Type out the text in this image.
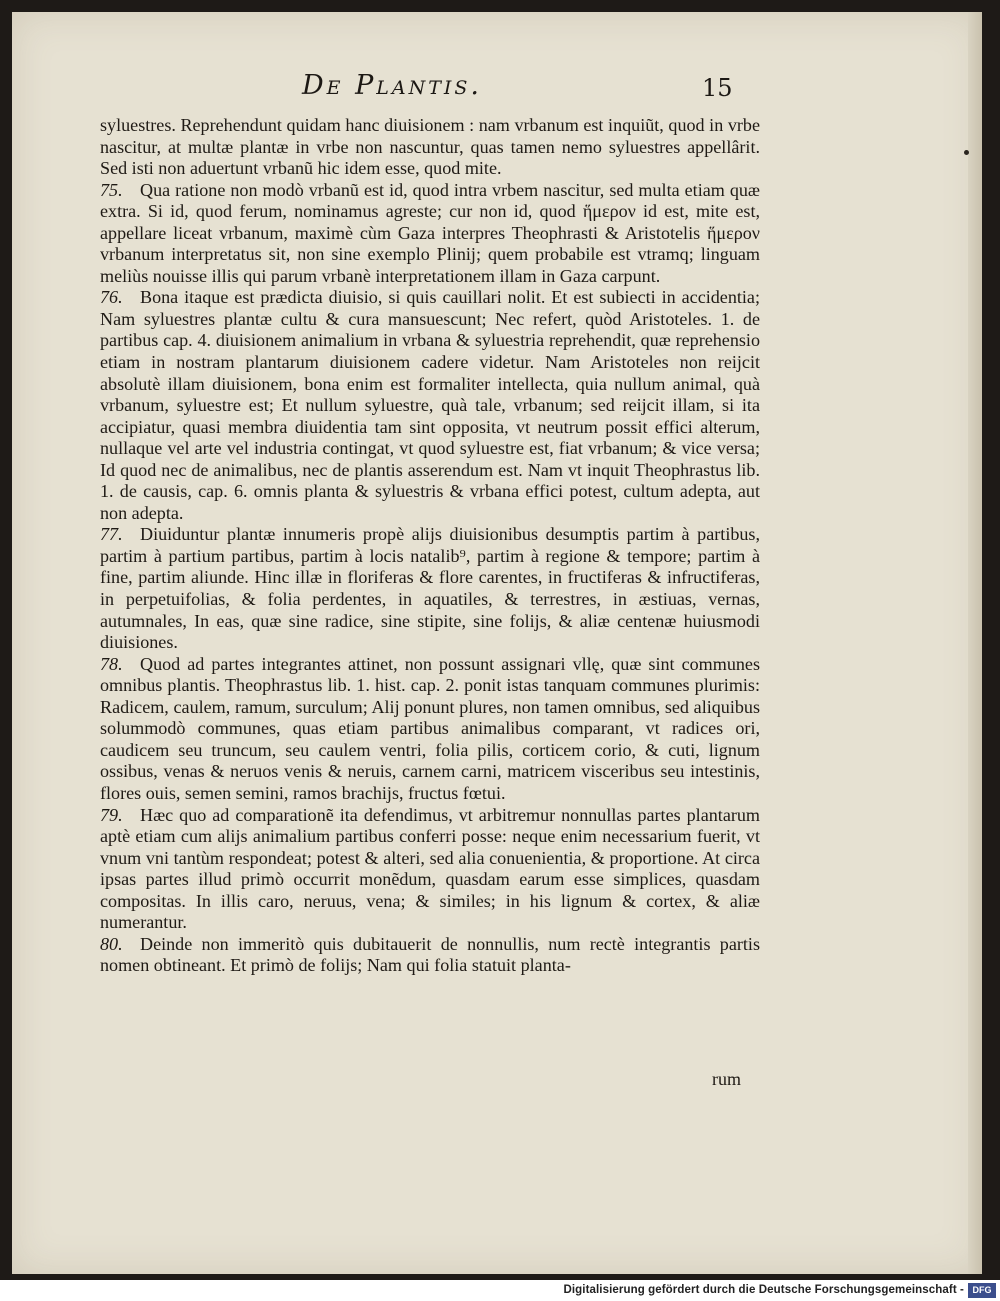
De Plantis.	15

syluestres. Reprehendunt quidam hanc diuisionem : nam vrbanum est inquiũt, quod in vrbe nascitur, at multæ plantæ in vrbe non nascuntur, quas tamen nemo syluestres appellârit. Sed isti non aduertunt vrbanũ hic idem esse, quod mite.

75. Qua ratione non modò vrbanũ est id, quod intra vrbem nascitur, sed multa etiam quæ extra. Si id, quod ferum, nominamus agreste; cur non id, quod ἥμερον id est, mite est, appellare liceat vrbanum, maximè cùm Gaza interpres Theophrasti & Aristotelis ἥμερον vrbanum interpretatus sit, non sine exemplo Plinij; quem probabile est vtramq; linguam meliùs nouisse illis qui parum vrbanè interpretationem illam in Gaza carpunt.

76. Bona itaque est prædicta diuisio, si quis cauillari nolit. Et est subiecti in accidentia; Nam syluestres plantæ cultu & cura mansuescunt; Nec refert, quòd Aristoteles. 1. de partibus cap. 4. diuisionem animalium in vrbana & syluestria reprehendit, quæ reprehensio etiam in nostram plantarum diuisionem cadere videtur. Nam Aristoteles non reijcit absolutè illam diuisionem, bona enim est formaliter intellecta, quia nullum animal, quà vrbanum, syluestre est; Et nullum syluestre, quà tale, vrbanum; sed reijcit illam, si ita accipiatur, quasi membra diuidentia tam sint opposita, vt neutrum possit effici alterum, nullaque vel arte vel industria contingat, vt quod syluestre est, fiat vrbanum; & vice versa; Id quod nec de animalibus, nec de plantis asserendum est. Nam vt inquit Theophrastus lib. 1. de causis, cap. 6. omnis planta & syluestris & vrbana effici potest, cultum adepta, aut non adepta.

77. Diuiduntur plantæ innumeris propè alijs diuisionibus desumptis partim à partibus, partim à partium partibus, partim à locis natalib⁹, partim à regione & tempore; partim à fine, partim aliunde. Hinc illæ in floriferas & flore carentes, in fructiferas & infructiferas, in perpetuifolias, & folia perdentes, in aquatiles, & terrestres, in æstiuas, vernas, autumnales, In eas, quæ sine radice, sine stipite, sine folijs, & aliæ centenæ huiusmodi diuisiones.

78. Quod ad partes integrantes attinet, non possunt assignari vllę, quæ sint communes omnibus plantis. Theophrastus lib. 1. hist. cap. 2. ponit istas tanquam communes plurimis: Radicem, caulem, ramum, surculum; Alij ponunt plures, non tamen omnibus, sed aliquibus solummodò communes, quas etiam partibus animalibus comparant, vt radices ori, caudicem seu truncum, seu caulem ventri, folia pilis, corticem corio, & cuti, lignum ossibus, venas & neruos venis & neruis, carnem carni, matricem visceribus seu intestinis, flores ouis, semen semini, ramos brachijs, fructus fœtui.

79. Hæc quo ad comparationẽ ita defendimus, vt arbitremur nonnullas partes plantarum aptè etiam cum alijs animalium partibus conferri posse: neque enim necessarium fuerit, vt vnum vni tantùm respondeat; potest & alteri, sed alia conuenientia, & proportione. At circa ipsas partes illud primò occurrit monẽdum, quasdam earum esse simplices, quasdam compositas. In illis caro, neruus, vena; & similes; in his lignum & cortex, & aliæ numerantur.

80. Deinde non immeritò quis dubitauerit de nonnullis, num rectè integrantis partis nomen obtineant. Et primò de folijs; Nam qui folia statuit planta-

rum
Digitalisierung gefördert durch die Deutsche Forschungsgemeinschaft - DFG
